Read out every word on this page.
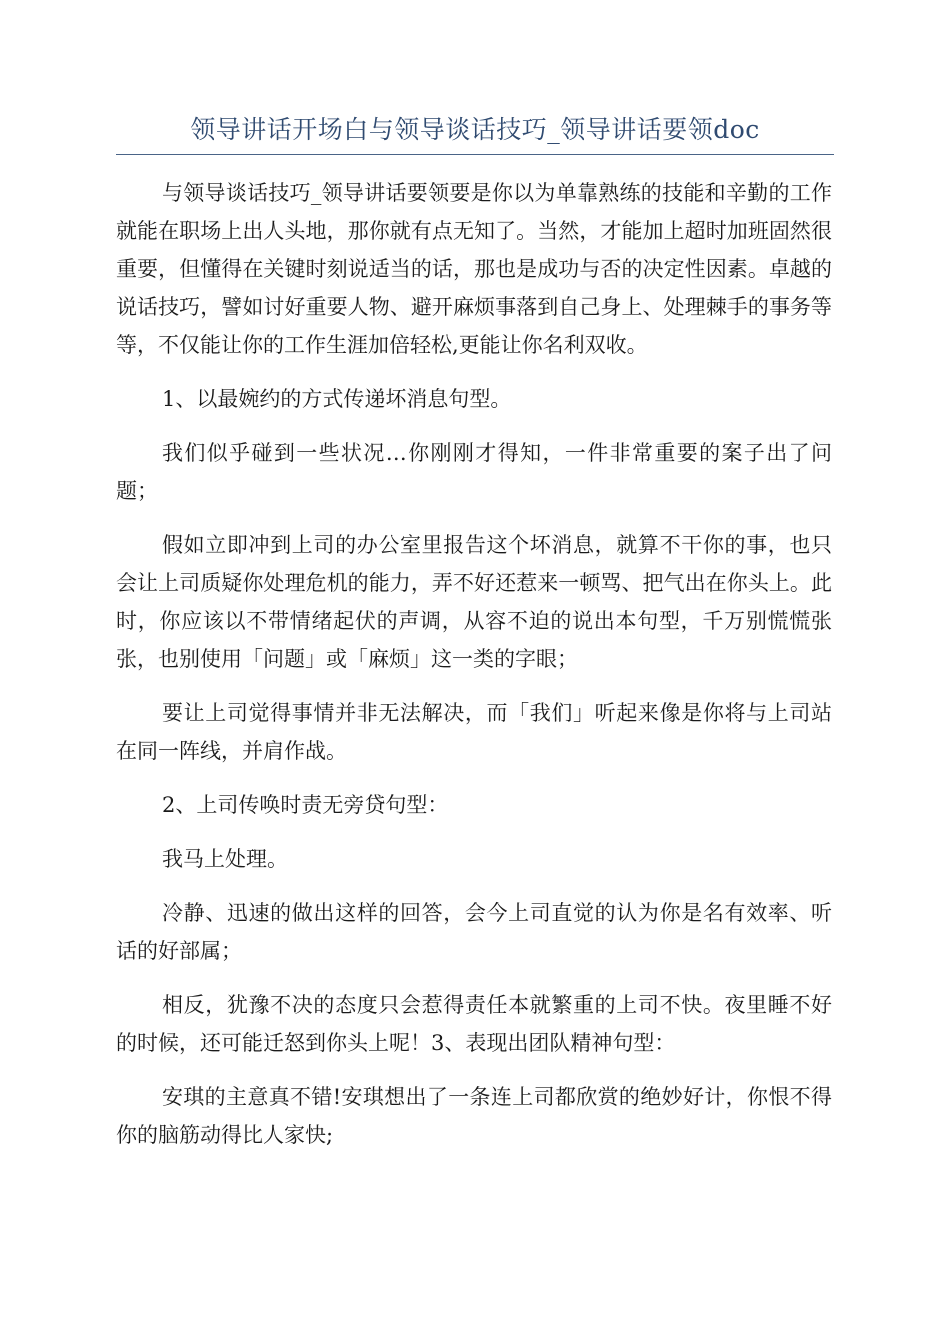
领导讲话开场白与领导谈话技巧_领导讲话要领doc

与领导谈话技巧_领导讲话要领要是你以为单靠熟练的技能和辛勤的工作就能在职场上出人头地，那你就有点无知了。当然，才能加上超时加班固然很重要，但懂得在关键时刻说适当的话，那也是成功与否的决定性因素。卓越的说话技巧，譬如讨好重要人物、避开麻烦事落到自己身上、处理棘手的事务等等，不仅能让你的工作生涯加倍轻松,更能让你名利双收。

1、以最婉约的方式传递坏消息句型。

我们似乎碰到一些状况…你刚刚才得知，一件非常重要的案子出了问题；

假如立即冲到上司的办公室里报告这个坏消息，就算不干你的事，也只会让上司质疑你处理危机的能力，弄不好还惹来一顿骂、把气出在你头上。此时，你应该以不带情绪起伏的声调，从容不迫的说出本句型，千万别慌慌张张，也别使用「问题」或「麻烦」这一类的字眼；

要让上司觉得事情并非无法解决，而「我们」听起来像是你将与上司站在同一阵线，并肩作战。

2、上司传唤时责无旁贷句型：

我马上处理。

冷静、迅速的做出这样的回答，会今上司直觉的认为你是名有效率、听话的好部属；

相反，犹豫不决的态度只会惹得责任本就繁重的上司不快。夜里睡不好的时候，还可能迁怒到你头上呢！3、表现出团队精神句型：

安琪的主意真不错!安琪想出了一条连上司都欣赏的绝妙好计，你恨不得你的脑筋动得比人家快;
